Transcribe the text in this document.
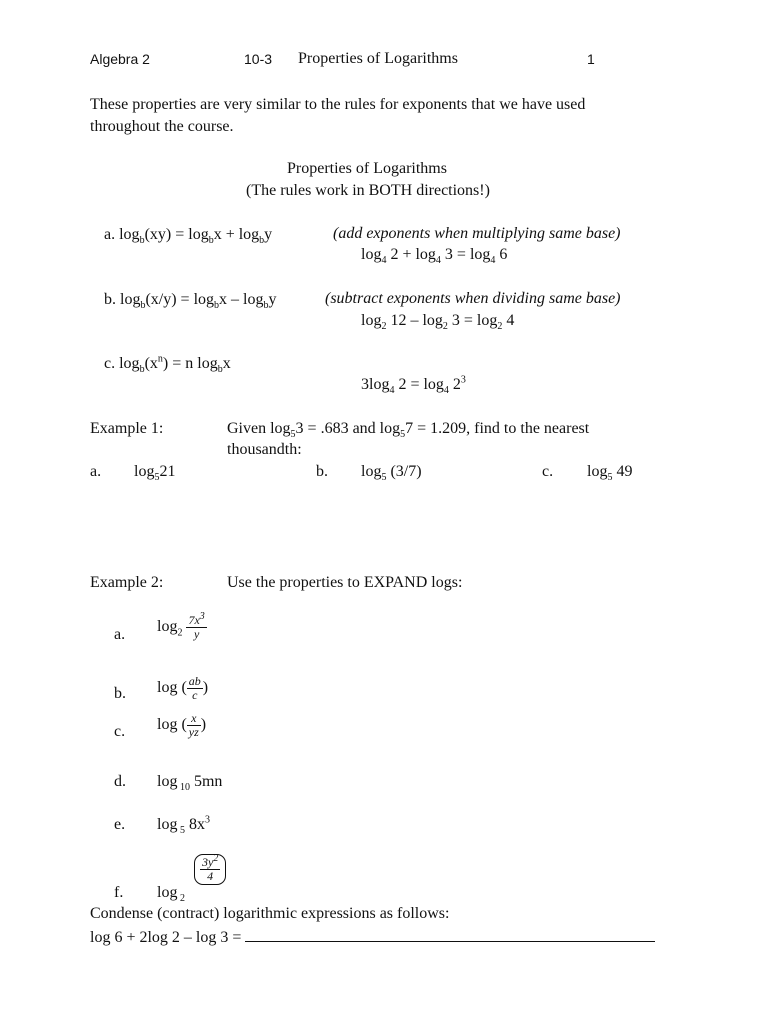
Algebra 2	10-3 Properties of Logarithms	1
These properties are very similar to the rules for exponents that we have used
throughout the course.
Properties of Logarithms
(The rules work in BOTH directions!)
a. $\log_b(xy) = \log_bx + \log_by$	(add exponents when multiplying same base)
$\log_4 2 + \log_4 3 = \log_4 6$
b. $\log_b(x/y) = \log_bx - \log_by$	(subtract exponents when dividing same base)
$\log_2 12 - \log_2 3 = \log_2 4$
c. $\log_b(x^n) = n$ $\log_bx$
$3\log_4$ $2 = \log_4 2^3$
Example 1:	Given $\log_53 = .683$ and $\log_57 = 1.209$, find to the nearest
thousandth:
a. $\log_521$	b. $\log_5 (3/7)$	c. $\log_5 49$
Example 2:	Use the properties to EXPAND logs:
a. $\log_2 \frac{7x^3}{y}$
b. log ( $\frac{ab}{c}$ )
c. log ( $\frac{x}{yz}$ )
d. log $_{10}$ 5mn
e. log $_5$ $8x^3$
f. log $_2$
$\frac{3y^2}{4}$
Condense (contract) logarithmic expressions as follows:
log 6 + 2log 2 – log 3 =
